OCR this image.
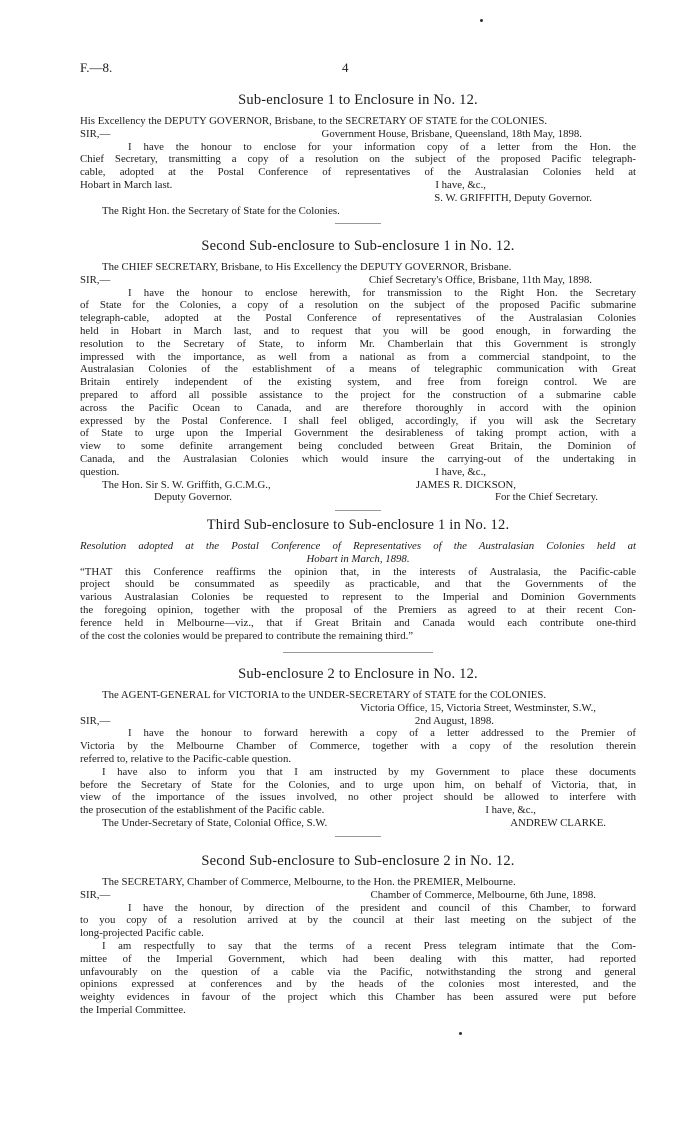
F.—8.	4
Sub-enclosure 1 to Enclosure in No. 12.
His Excellency the DEPUTY GOVERNOR, Brisbane, to the SECRETARY OF STATE for the COLONIES.
SIR,—	Government House, Brisbane, Queensland, 18th May, 1898.
I have the honour to enclose for your information copy of a letter from the Hon. the
Chief Secretary, transmitting a copy of a resolution on the subject of the proposed Pacific telegraph-
cable, adopted at the Postal Conference of representatives of the Australasian Colonies held at
Hobart in March last.	I have, &c.,
S. W. GRIFFITH, Deputy Governor.
The Right Hon. the Secretary of State for the Colonies.
Second Sub-enclosure to Sub-enclosure 1 in No. 12.
The CHIEF SECRETARY, Brisbane, to His Excellency the DEPUTY GOVERNOR, Brisbane.
SIR,—	Chief Secretary's Office, Brisbane, 11th May, 1898.
I have the honour to enclose herewith, for transmission to the Right Hon. the Secretary
of State for the Colonies, a copy of a resolution on the subject of the proposed Pacific submarine
telegraph-cable, adopted at the Postal Conference of representatives of the Australasian Colonies
held in Hobart in March last, and to request that you will be good enough, in forwarding the
resolution to the Secretary of State, to inform Mr. Chamberlain that this Government is strongly
impressed with the importance, as well from a national as from a commercial standpoint, to the
Australasian Colonies of the establishment of a means of telegraphic communication with Great
Britain entirely independent of the existing system, and free from foreign control. We are
prepared to afford all possible assistance to the project for the construction of a submarine cable
across the Pacific Ocean to Canada, and are therefore thoroughly in accord with the opinion
expressed by the Postal Conference. I shall feel obliged, accordingly, if you will ask the Secretary
of State to urge upon the Imperial Government the desirableness of taking prompt action, with a
view to some definite arrangement being concluded between Great Britain, the Dominion of
Canada, and the Australasian Colonies which would insure the carrying-out of the undertaking in
question.	I have, &c.,
The Hon. Sir S. W. Griffith, G.C.M.G.,	JAMES R. DICKSON,
Deputy Governor.	For the Chief Secretary.
Third Sub-enclosure to Sub-enclosure 1 in No. 12.
Resolution adopted at the Postal Conference of Representatives of the Australasian Colonies held at
Hobart in March, 1898.
“THAT this Conference reaffirms the opinion that, in the interests of Australasia, the Pacific-cable
project should be consummated as speedily as practicable, and that the Governments of the
various Australasian Colonies be requested to represent to the Imperial and Dominion Governments
the foregoing opinion, together with the proposal of the Premiers as agreed to at their recent Con-
ference held in Melbourne—viz., that if Great Britain and Canada would each contribute one-third
of the cost the colonies would be prepared to contribute the remaining third.”
Sub-enclosure 2 to Enclosure in No. 12.
The AGENT-GENERAL for VICTORIA to the UNDER-SECRETARY of STATE for the COLONIES.
Victoria Office, 15, Victoria Street, Westminster, S.W.,
SIR,—	2nd August, 1898.
I have the honour to forward herewith a copy of a letter addressed to the Premier of
Victoria by the Melbourne Chamber of Commerce, together with a copy of the resolution therein
referred to, relative to the Pacific-cable question.
I have also to inform you that I am instructed by my Government to place these documents
before the Secretary of State for the Colonies, and to urge upon him, on behalf of Victoria, that, in
view of the importance of the issues involved, no other project should be allowed to interfere with
the prosecution of the establishment of the Pacific cable.	I have, &c.,
The Under-Secretary of State, Colonial Office, S.W.	ANDREW CLARKE.
Second Sub-enclosure to Sub-enclosure 2 in No. 12.
The SECRETARY, Chamber of Commerce, Melbourne, to the Hon. the PREMIER, Melbourne.
SIR,—	Chamber of Commerce, Melbourne, 6th June, 1898.
I have the honour, by direction of the president and council of this Chamber, to forward
to you copy of a resolution arrived at by the council at their last meeting on the subject of the
long-projected Pacific cable.
I am respectfully to say that the terms of a recent Press telegram intimate that the Com-
mittee of the Imperial Government, which had been dealing with this matter, had reported
unfavourably on the question of a cable via the Pacific, notwithstanding the strong and general
opinions expressed at conferences and by the heads of the colonies most interested, and the
weighty evidences in favour of the project which this Chamber has been assured were put before
the Imperial Committee.
